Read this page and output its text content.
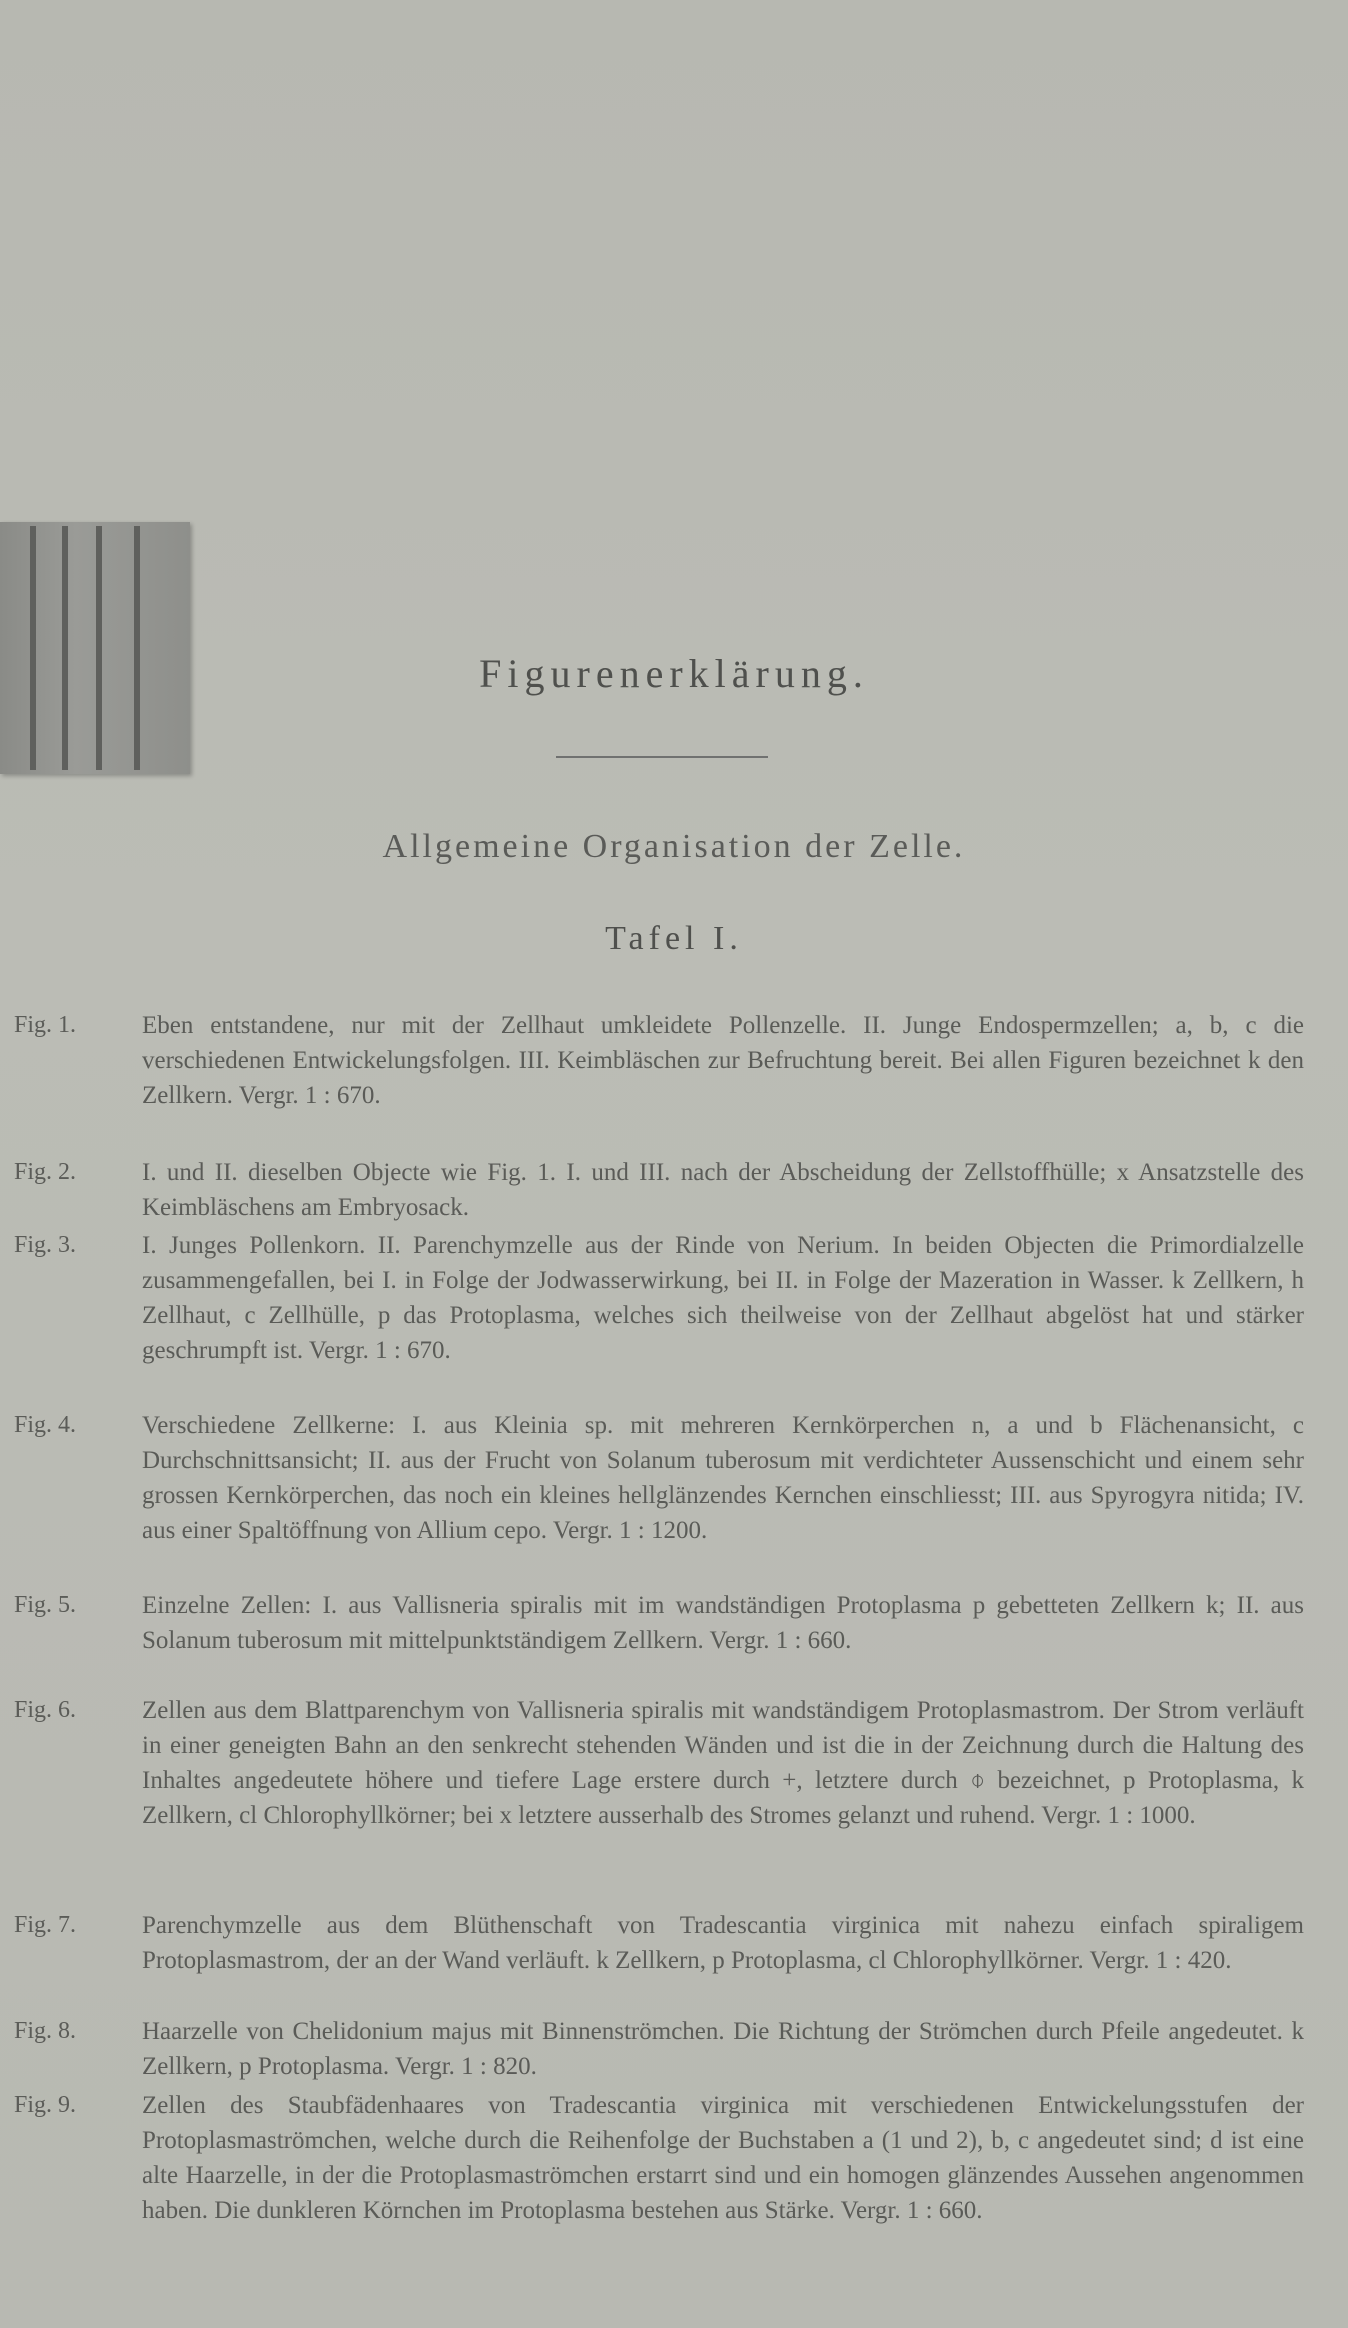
Figurenerklärung.
Allgemeine Organisation der Zelle.
Tafel I.
Fig. 1.	Eben entstandene, nur mit der Zellhaut umkleidete Pollenzelle. II. Junge Endospermzellen; a, b, c die verschiedenen Entwickelungsfolgen. III. Keimbläschen zur Befruchtung bereit. Bei allen Figuren bezeichnet k den Zellkern. Vergr. 1 : 670.
Fig. 2.	I. und II. dieselben Objecte wie Fig. 1. I. und III. nach der Abscheidung der Zellstoffhülle; x Ansatzstelle des Keimbläschens am Embryosack.
Fig. 3.	I. Junges Pollenkorn. II. Parenchymzelle aus der Rinde von Nerium. In beiden Objecten die Primordialzelle zusammengefallen, bei I. in Folge der Jodwasserwirkung, bei II. in Folge der Mazeration in Wasser. k Zellkern, h Zellhaut, c Zellhülle, p das Protoplasma, welches sich theilweise von der Zellhaut abgelöst hat und stärker geschrumpft ist. Vergr. 1 : 670.
Fig. 4.	Verschiedene Zellkerne: I. aus Kleinia sp. mit mehreren Kernkörperchen n, a und b Flächenansicht, c Durchschnittsansicht; II. aus der Frucht von Solanum tuberosum mit verdichteter Aussenschicht und einem sehr grossen Kernkörperchen, das noch ein kleines hellglänzendes Kernchen einschliesst; III. aus Spyrogyra nitida; IV. aus einer Spaltöffnung von Allium cepo. Vergr. 1 : 1200.
Fig. 5.	Einzelne Zellen: I. aus Vallisneria spiralis mit im wandständigen Protoplasma p gebetteten Zellkern k; II. aus Solanum tuberosum mit mittelpunktständigem Zellkern. Vergr. 1 : 660.
Fig. 6.	Zellen aus dem Blattparenchym von Vallisneria spiralis mit wandständigem Protoplasmastrom. Der Strom verläuft in einer geneigten Bahn an den senkrecht stehenden Wänden und ist die in der Zeichnung durch die Haltung des Inhaltes angedeutete höhere und tiefere Lage erstere durch +, letztere durch ⌽ bezeichnet, p Protoplasma, k Zellkern, cl Chlorophyllkörner; bei x letztere ausserhalb des Stromes gelanzt und ruhend. Vergr. 1 : 1000.
Fig. 7.	Parenchymzelle aus dem Blüthenschaft von Tradescantia virginica mit nahezu einfach spiraligem Protoplasmastrom, der an der Wand verläuft. k Zellkern, p Protoplasma, cl Chlorophyllkörner. Vergr. 1 : 420.
Fig. 8.	Haarzelle von Chelidonium majus mit Binnenströmchen. Die Richtung der Strömchen durch Pfeile angedeutet. k Zellkern, p Protoplasma. Vergr. 1 : 820.
Fig. 9.	Zellen des Staubfädenhaares von Tradescantia virginica mit verschiedenen Entwickelungsstufen der Protoplasmaströmchen, welche durch die Reihenfolge der Buchstaben a (1 und 2), b, c angedeutet sind; d ist eine alte Haarzelle, in der die Protoplasmaströmchen erstarrt sind und ein homogen glänzendes Aussehen angenommen haben. Die dunkleren Körnchen im Protoplasma bestehen aus Stärke. Vergr. 1 : 660.
